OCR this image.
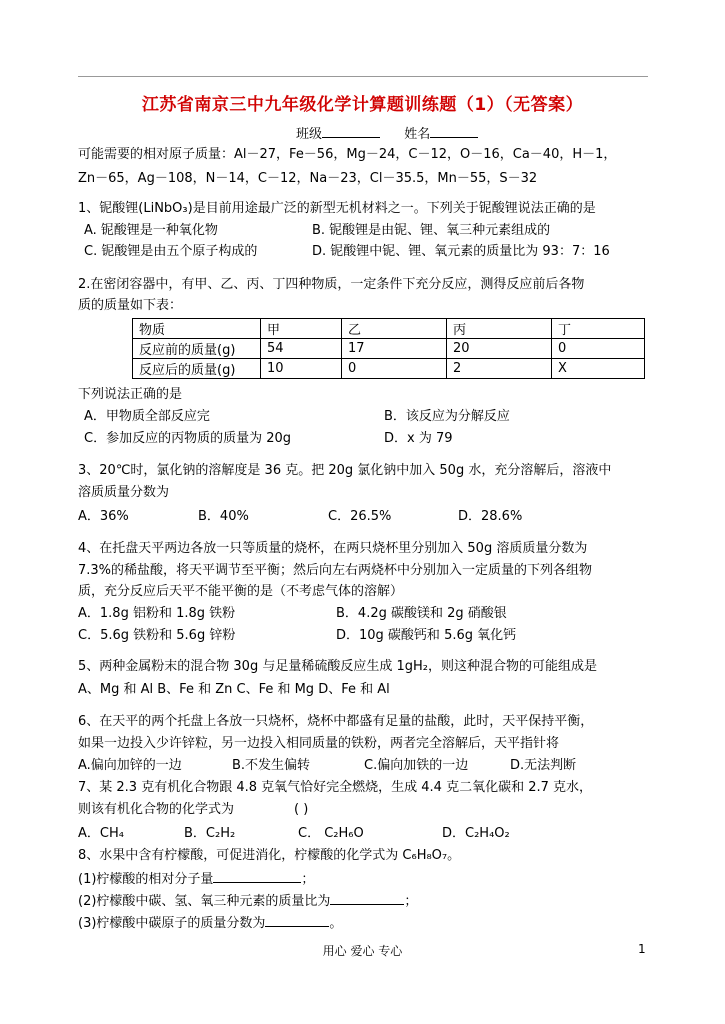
江苏省南京三中九年级化学计算题训练题（1）（无答案）
班级	姓名
可能需要的相对原子质量：Al－27，Fe－56，Mg－24，C－12，O－16，Ca－40，H－1，
Zn－65，Ag－108，N－14，C－12，Na－23，Cl－35.5，Mn－55，S－32
1、铌酸锂(LiNbO₃)是目前用途最广泛的新型无机材料之一。下列关于铌酸锂说法正确的是
A. 铌酸锂是一种氧化物	B. 铌酸锂是由铌、锂、氧三种元素组成的
C. 铌酸锂是由五个原子构成的	D. 铌酸锂中铌、锂、氧元素的质量比为 93：7：16
2.在密闭容器中，有甲、乙、丙、丁四种物质，一定条件下充分反应，测得反应前后各物
质的质量如下表：
物质	甲	乙	丙	丁
反应前的质量(g)	54	17	20	0
反应后的质量(g)	10	0	2	X
下列说法正确的是
A．甲物质全部反应完	B．该反应为分解反应
C．参加反应的丙物质的质量为 20g	D．x 为 79
3、20℃时，氯化钠的溶解度是 36 克。把 20g 氯化钠中加入 50g 水，充分溶解后，溶液中
溶质质量分数为
A．36%	B．40%	C．26.5%	D．28.6%
4、在托盘天平两边各放一只等质量的烧杯，在两只烧杯里分别加入 50g 溶质质量分数为
7.3%的稀盐酸，将天平调节至平衡；然后向左右两烧杯中分别加入一定质量的下列各组物
质，充分反应后天平不能平衡的是（不考虑气体的溶解）
A．1.8g 铝粉和 1.8g 铁粉	B．4.2g 碳酸镁和 2g 硝酸银
C．5.6g 铁粉和 5.6g 锌粉	D．10g 碳酸钙和 5.6g 氧化钙
5、两种金属粉末的混合物 30g 与足量稀硫酸反应生成 1gH₂，则这种混合物的可能组成是
A、Mg 和 Al B、Fe 和 Zn C、Fe 和 Mg D、Fe 和 Al
6、在天平的两个托盘上各放一只烧杯，烧杯中都盛有足量的盐酸，此时，天平保持平衡，
如果一边投入少许锌粒，另一边投入相同质量的铁粉，两者完全溶解后，天平指针将
A.偏向加锌的一边	B.不发生偏转	C.偏向加铁的一边	D.无法判断
7、某 2.3 克有机化合物跟 4.8 克氧气恰好完全燃烧，生成 4.4 克二氧化碳和 2.7 克水，
则该有机化合物的化学式为	( )
A．CH₄	B．C₂H₂	C． C₂H₆O	D．C₂H₄O₂
8、水果中含有柠檬酸，可促进消化，柠檬酸的化学式为 C₆H₈O₇。
(1)柠檬酸的相对分子量	；
(2)柠檬酸中碳、氢、氧三种元素的质量比为	；
(3)柠檬酸中碳原子的质量分数为	。
用心 爱心 专心	1
